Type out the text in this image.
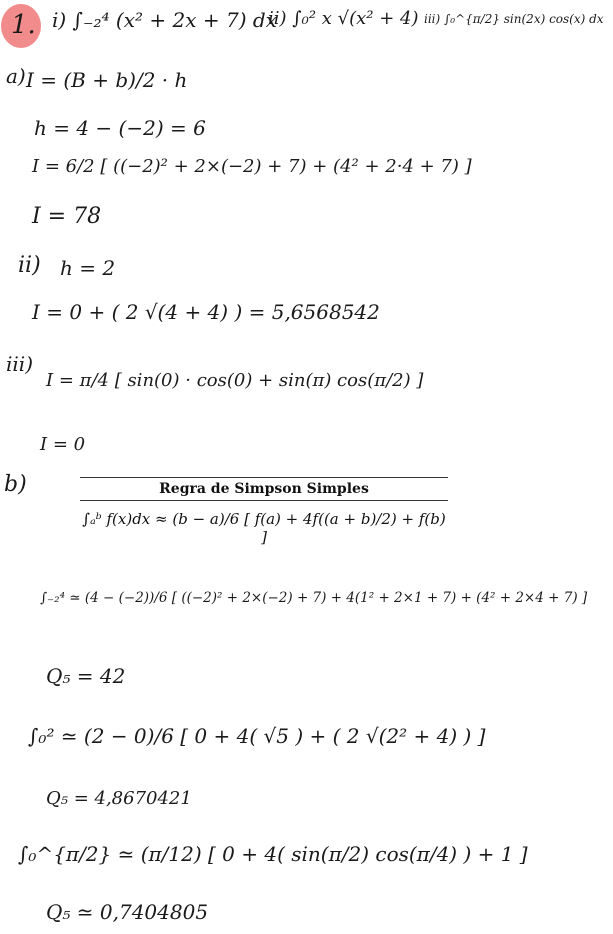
1. i) ∫₋₂⁴ (x² + 2x + 7) dx
ii) ∫₀² x √(x² + 4) iii) ∫₀^{π/2} sin(2x) cos(x) dx
a) I = (B + b)/2 · h
h = 4 − (−2) = 6
I = 6/2 [ ((−2)² + 2×(−2) + 7) + (4² + 2·4 + 7) ]
I = 78
ii) h = 2
I = 0 + ( 2 √(4 + 4) ) = 5,6568542
iii)
I = π/4 [ sin(0) · cos(0) + sin(π) cos(π/2) ]
I = 0
b)	Regra de Simpson Simples
∫ₐᵇ f(x)dx ≈ (b − a)/6 [ f(a) + 4f((a + b)/2) + f(b) ]
∫₋₂⁴ ≃ (4 − (−2))/6 [ ((−2)² + 2×(−2) + 7) + 4(1² + 2×1 + 7) + (4² + 2×4 + 7) ]
Q₅ = 42
∫₀² ≃ (2 − 0)/6 [ 0 + 4( √5 ) + ( 2 √(2² + 4) ) ]
Q₅ = 4,8670421
∫₀^{π/2} ≃ (π/12) [ 0 + 4( sin(π/2) cos(π/4) ) + 1 ]
Q₅ ≃ 0,7404805
